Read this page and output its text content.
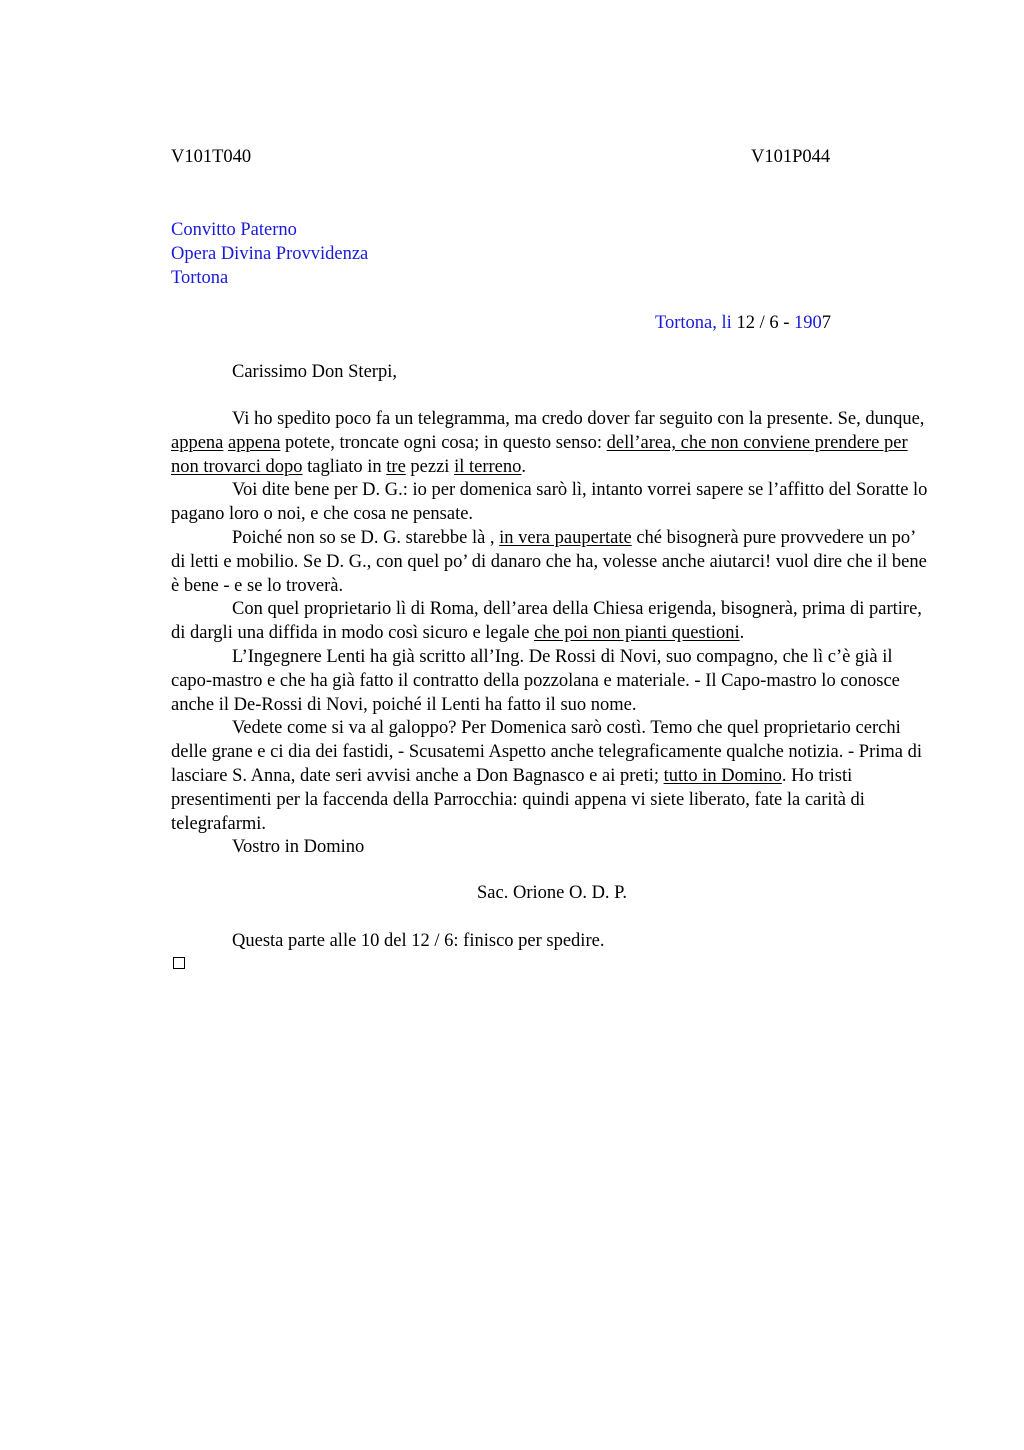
V101T040	V101P044
Convitto Paterno
Opera Divina Provvidenza
Tortona
Tortona, li 12 / 6 - 1907
Carissimo Don Sterpi,

Vi ho spedito poco fa un telegramma, ma credo dover far seguito con la presente. Se, dunque, appena appena potete, troncate ogni cosa; in questo senso: dell’area, che non conviene prendere per non trovarci dopo tagliato in tre pezzi il terreno.

Voi dite bene per D. G.: io per domenica sarò lì, intanto vorrei sapere se l’affitto del Soratte lo pagano loro o noi, e che cosa ne pensate.

Poiché non so se D. G. starebbe là , in vera paupertate ché bisognerà pure provvedere un po’ di letti e mobilio. Se D. G., con quel po’ di danaro che ha, volesse anche aiutarci! vuol dire che il bene è bene - e se lo troverà.

Con quel proprietario lì di Roma, dell’area della Chiesa erigenda, bisognerà, prima di partire, di dargli una diffida in modo così sicuro e legale che poi non pianti questioni.

L’Ingegnere Lenti ha già scritto all’Ing. De Rossi di Novi, suo compagno, che lì c’è già il capo-mastro e che ha già fatto il contratto della pozzolana e materiale. - Il Capo-mastro lo conosce anche il De-Rossi di Novi, poiché il Lenti ha fatto il suo nome.

Vedete come si va al galoppo? Per Domenica sarò costì. Temo che quel proprietario cerchi delle grane e ci dia dei fastidi, - Scusatemi Aspetto anche telegraficamente qualche notizia. - Prima di lasciare S. Anna, date seri avvisi anche a Don Bagnasco e ai preti; tutto in Domino. Ho tristi presentimenti per la faccenda della Parrocchia: quindi appena vi siete liberato, fate la carità di telegrafarmi.

Vostro in Domino

Sac. Orione O. D. P.
Questa parte alle 10 del 12 / 6: finisco per spedire.
